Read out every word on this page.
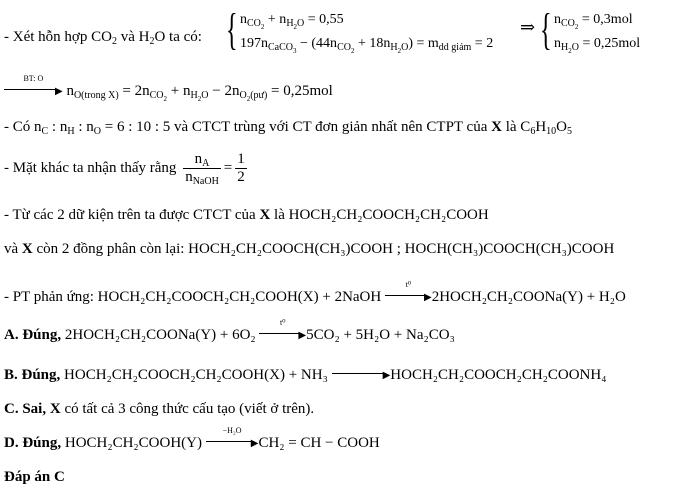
- Xét hỗn hợp $CO_2$ và $H_2O$ ta có: { $n_{CO_2} + n_{H_2O} = 0,55$
$197n_{CaCO_3} - (44n_{CO_2} + 18n_{H_2O}) = m_{dd giảm} = 2$
⇒ { $n_{CO_2} = 0,3mol$
$n_{H_2O} = 0,25mol$
BT: O
▶ $n_{O(trong X)} = 2n_{CO_2} + n_{H_2O} - 2n_{O_2(pư)} = 0,25mol$
- Có $n_C$ : $n_H$ : $n_O = 6$ : 10 : 5 và CTCT trùng với CT đơn giản nhất nên CTPT của X là $C_6H_{10}O_5$
- Mặt khác ta nhận thấy rằng $\frac{n_A}{n_{NaOH}} = \frac{1}{2}$
- Từ các 2 dữ kiện trên ta được CTCT của X là HOCH₂CH₂COOCH₂CH₂COOH
và X còn 2 đồng phân còn lại: HOCH₂CH₂COOCH(CH₃)COOH ; HOCH(CH₃)COOCH(CH₃)COOH
- PT phản ứng: HOCH₂CH₂COOCH₂CH₂COOH(X) + 2NaOH
t⁰
▶2HOCH₂CH₂COONa(Y) + H₂O
A. Đúng, 2HOCH₂CH₂COONa(Y) + 6O₂
t⁰
▶5CO₂ + 5H₂O + Na₂CO₃
B. Đúng, HOCH₂CH₂COOCH₂CH₂COOH(X) + NH₃	▶HOCH₂CH₂COOCH₂CH₂COONH₄
C. Sai, X có tất cả 3 công thức cấu tạo (viết ở trên).
D. Đúng, HOCH₂CH₂COOH(Y)
−H₂O
▶CH₂ = CH − COOH
Đáp án C
